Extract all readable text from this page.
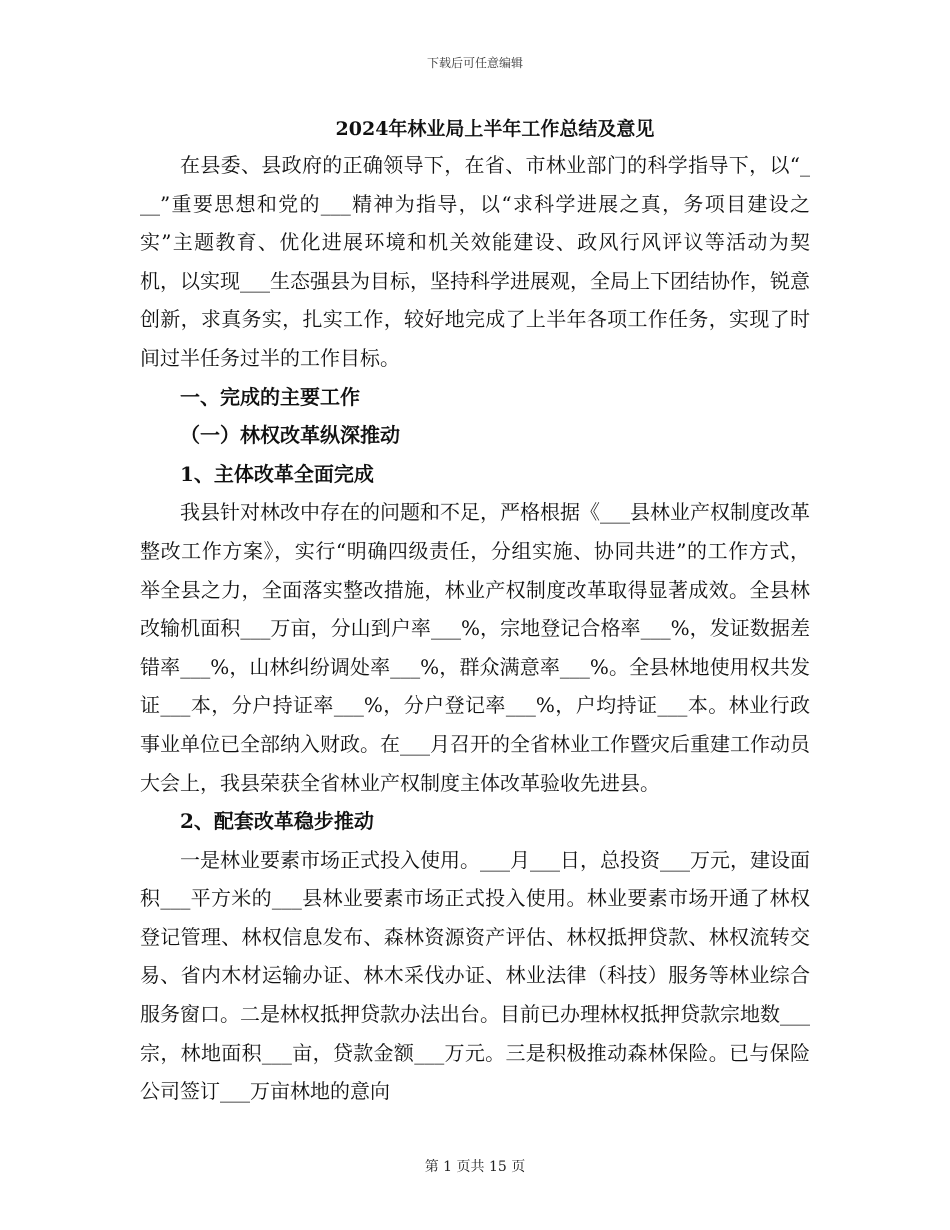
下载后可任意编辑
2024年林业局上半年工作总结及意见

在县委、县政府的正确领导下，在省、市林业部门的科学指导下，以“___”重要思想和党的___精神为指导，以“求科学进展之真，务项目建设之实”主题教育、优化进展环境和机关效能建设、政风行风评议等活动为契机，以实现___生态强县为目标，坚持科学进展观，全局上下团结协作，锐意创新，求真务实，扎实工作，较好地完成了上半年各项工作任务，实现了时间过半任务过半的工作目标。

一、完成的主要工作

（一）林权改革纵深推动

1、主体改革全面完成

我县针对林改中存在的问题和不足，严格根据《___县林业产权制度改革整改工作方案》，实行“明确四级责任，分组实施、协同共进”的工作方式，举全县之力，全面落实整改措施，林业产权制度改革取得显著成效。全县林改输机面积___万亩，分山到户率___%，宗地登记合格率___%，发证数据差错率___%，山林纠纷调处率___%，群众满意率___%。全县林地使用权共发证___本，分户持证率___%，分户登记率___%，户均持证___本。林业行政事业单位已全部纳入财政。在___月召开的全省林业工作暨灾后重建工作动员大会上，我县荣获全省林业产权制度主体改革验收先进县。

2、配套改革稳步推动

一是林业要素市场正式投入使用。___月___日，总投资___万元，建设面积___平方米的___县林业要素市场正式投入使用。林业要素市场开通了林权登记管理、林权信息发布、森林资源资产评估、林权抵押贷款、林权流转交易、省内木材运输办证、林木采伐办证、林业法律（科技）服务等林业综合服务窗口。二是林权抵押贷款办法出台。目前已办理林权抵押贷款宗地数___宗，林地面积___亩，贷款金额___万元。三是积极推动森林保险。已与保险公司签订___万亩林地的意向

第 1 页共 15 页
